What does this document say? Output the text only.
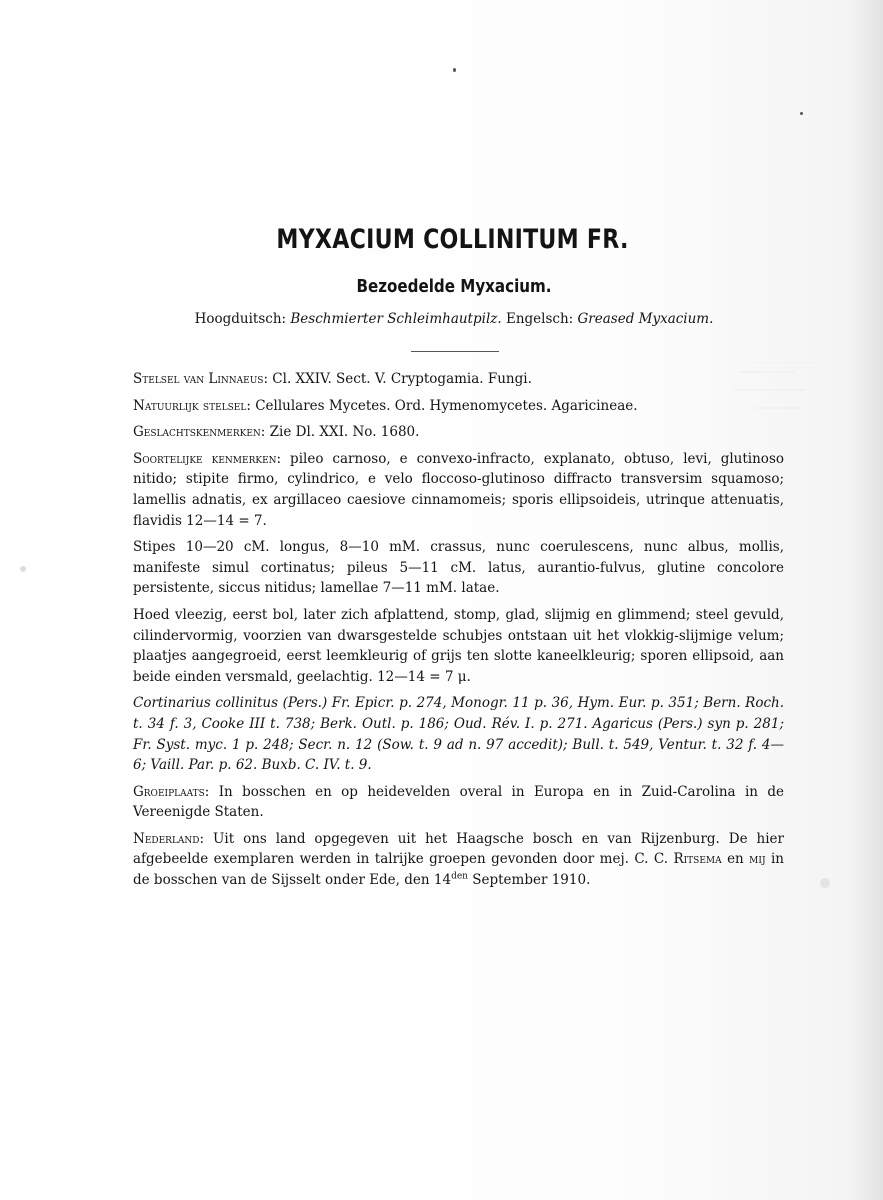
MYXACIUM COLLINITUM FR.
Bezoedelde Myxacium.
Hoogduitsch: Beschmierter Schleimhautpilz. Engelsch: Greased Myxacium.

Stelsel van Linnaeus: Cl. XXIV. Sect. V. Cryptogamia. Fungi.

Natuurlijk stelsel: Cellulares Mycetes. Ord. Hymenomycetes. Agaricineae.

Geslachtskenmerken: Zie Dl. XXI. No. 1680.

Soortelijke kenmerken: pileo carnoso, e convexo-infracto, explanato, obtuso, levi, glutinoso nitido; stipite firmo, cylindrico, e velo floccoso-glutinoso diffracto transversim squamoso; lamellis adnatis, ex argillaceo caesiove cinnamomeis; sporis ellipsoideis, utrinque attenuatis, flavidis 12—14 = 7.

Stipes 10—20 cM. longus, 8—10 mM. crassus, nunc coerulescens, nunc albus, mollis, manifeste simul cortinatus; pileus 5—11 cM. latus, aurantio-fulvus, glutine concolore persistente, siccus nitidus; lamellae 7—11 mM. latae.

Hoed vleezig, eerst bol, later zich afplattend, stomp, glad, slijmig en glimmend; steel gevuld, cilindervormig, voorzien van dwarsgestelde schubjes ontstaan uit het vlokkig-slijmige velum; plaatjes aangegroeid, eerst leemkleurig of grijs ten slotte kaneelkleurig; sporen ellipsoid, aan beide einden versmald, geelachtig. 12—14 = 7 μ.

Cortinarius collinitus (Pers.) Fr. Epicr. p. 274, Monogr. 11 p. 36, Hym. Eur. p. 351; Bern. Roch. t. 34 f. 3, Cooke III t. 738; Berk. Outl. p. 186; Oud. Rév. I. p. 271. Agaricus (Pers.) syn p. 281; Fr. Syst. myc. 1 p. 248; Secr. n. 12 (Sow. t. 9 ad n. 97 accedit); Bull. t. 549, Ventur. t. 32 f. 4—6; Vaill. Par. p. 62. Buxb. C. IV. t. 9.

Groeiplaats: In bosschen en op heidevelden overal in Europa en in Zuid-Carolina in de Vereenigde Staten.

Nederland: Uit ons land opgegeven uit het Haagsche bosch en van Rijzenburg. De hier afgebeelde exemplaren werden in talrijke groepen gevonden door mej. C. C. Ritsema en mij in de bosschen van de Sijsselt onder Ede, den $14^{den}$ September 1910.
